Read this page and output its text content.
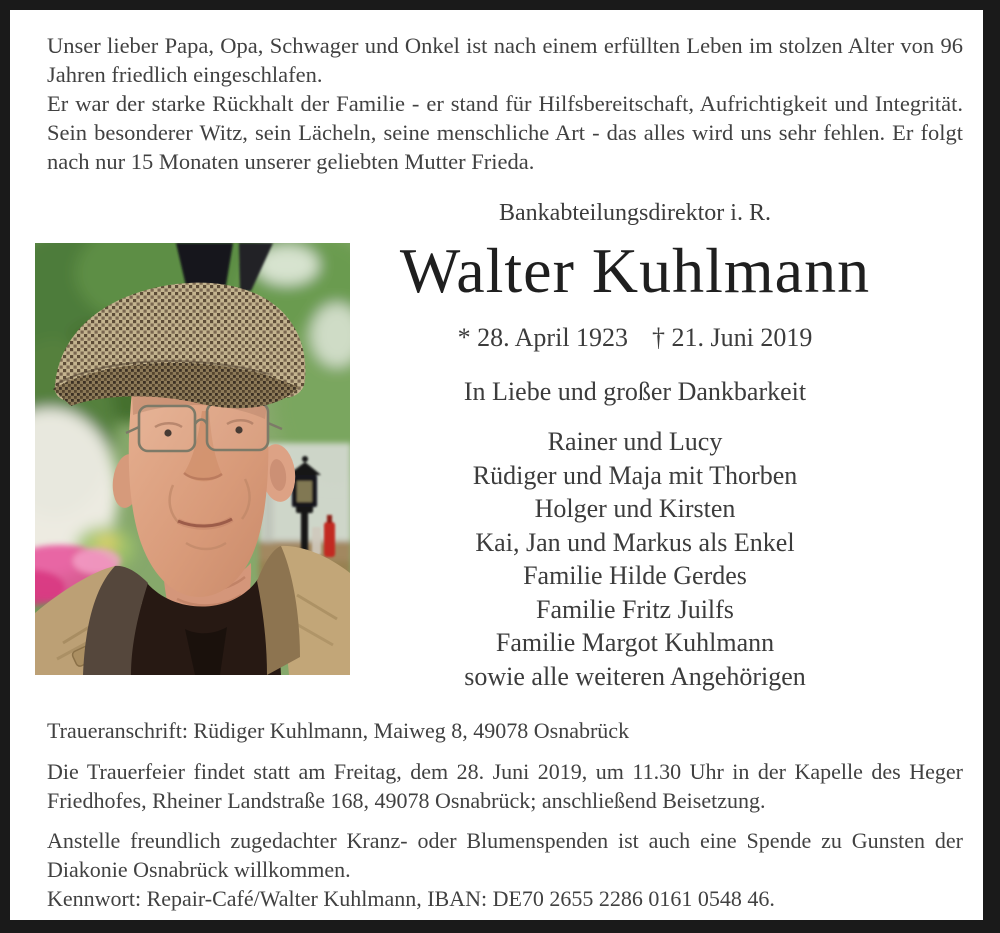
Unser lieber Papa, Opa, Schwager und Onkel ist nach einem erfüllten Leben im stolzen Alter von 96 Jahren friedlich eingeschlafen.

Er war der starke Rückhalt der Familie - er stand für Hilfsbereitschaft, Aufrichtigkeit und Integrität. Sein besonderer Witz, sein Lächeln, seine menschliche Art - das alles wird uns sehr fehlen. Er folgt nach nur 15 Monaten unserer geliebten Mutter Frieda.

Bankabteilungsdirektor i. R.
Walter Kuhlmann
* 28. April 1923 † 21. Juni 2019
In Liebe und großer Dankbarkeit
Rainer und Lucy
Rüdiger und Maja mit Thorben
Holger und Kirsten
Kai, Jan und Markus als Enkel
Familie Hilde Gerdes
Familie Fritz Juilfs
Familie Margot Kuhlmann
sowie alle weiteren Angehörigen

Traueranschrift: Rüdiger Kuhlmann, Maiweg 8, 49078 Osnabrück

Die Trauerfeier findet statt am Freitag, dem 28. Juni 2019, um 11.30 Uhr in der Kapelle des Heger Friedhofes, Rheiner Landstraße 168, 49078 Osnabrück; anschließend Beisetzung.

Anstelle freundlich zugedachter Kranz- oder Blumenspenden ist auch eine Spende zu Gunsten der Diakonie Osnabrück willkommen.

Kennwort: Repair-Café/Walter Kuhlmann, IBAN: DE70 2655 2286 0161 0548 46.
